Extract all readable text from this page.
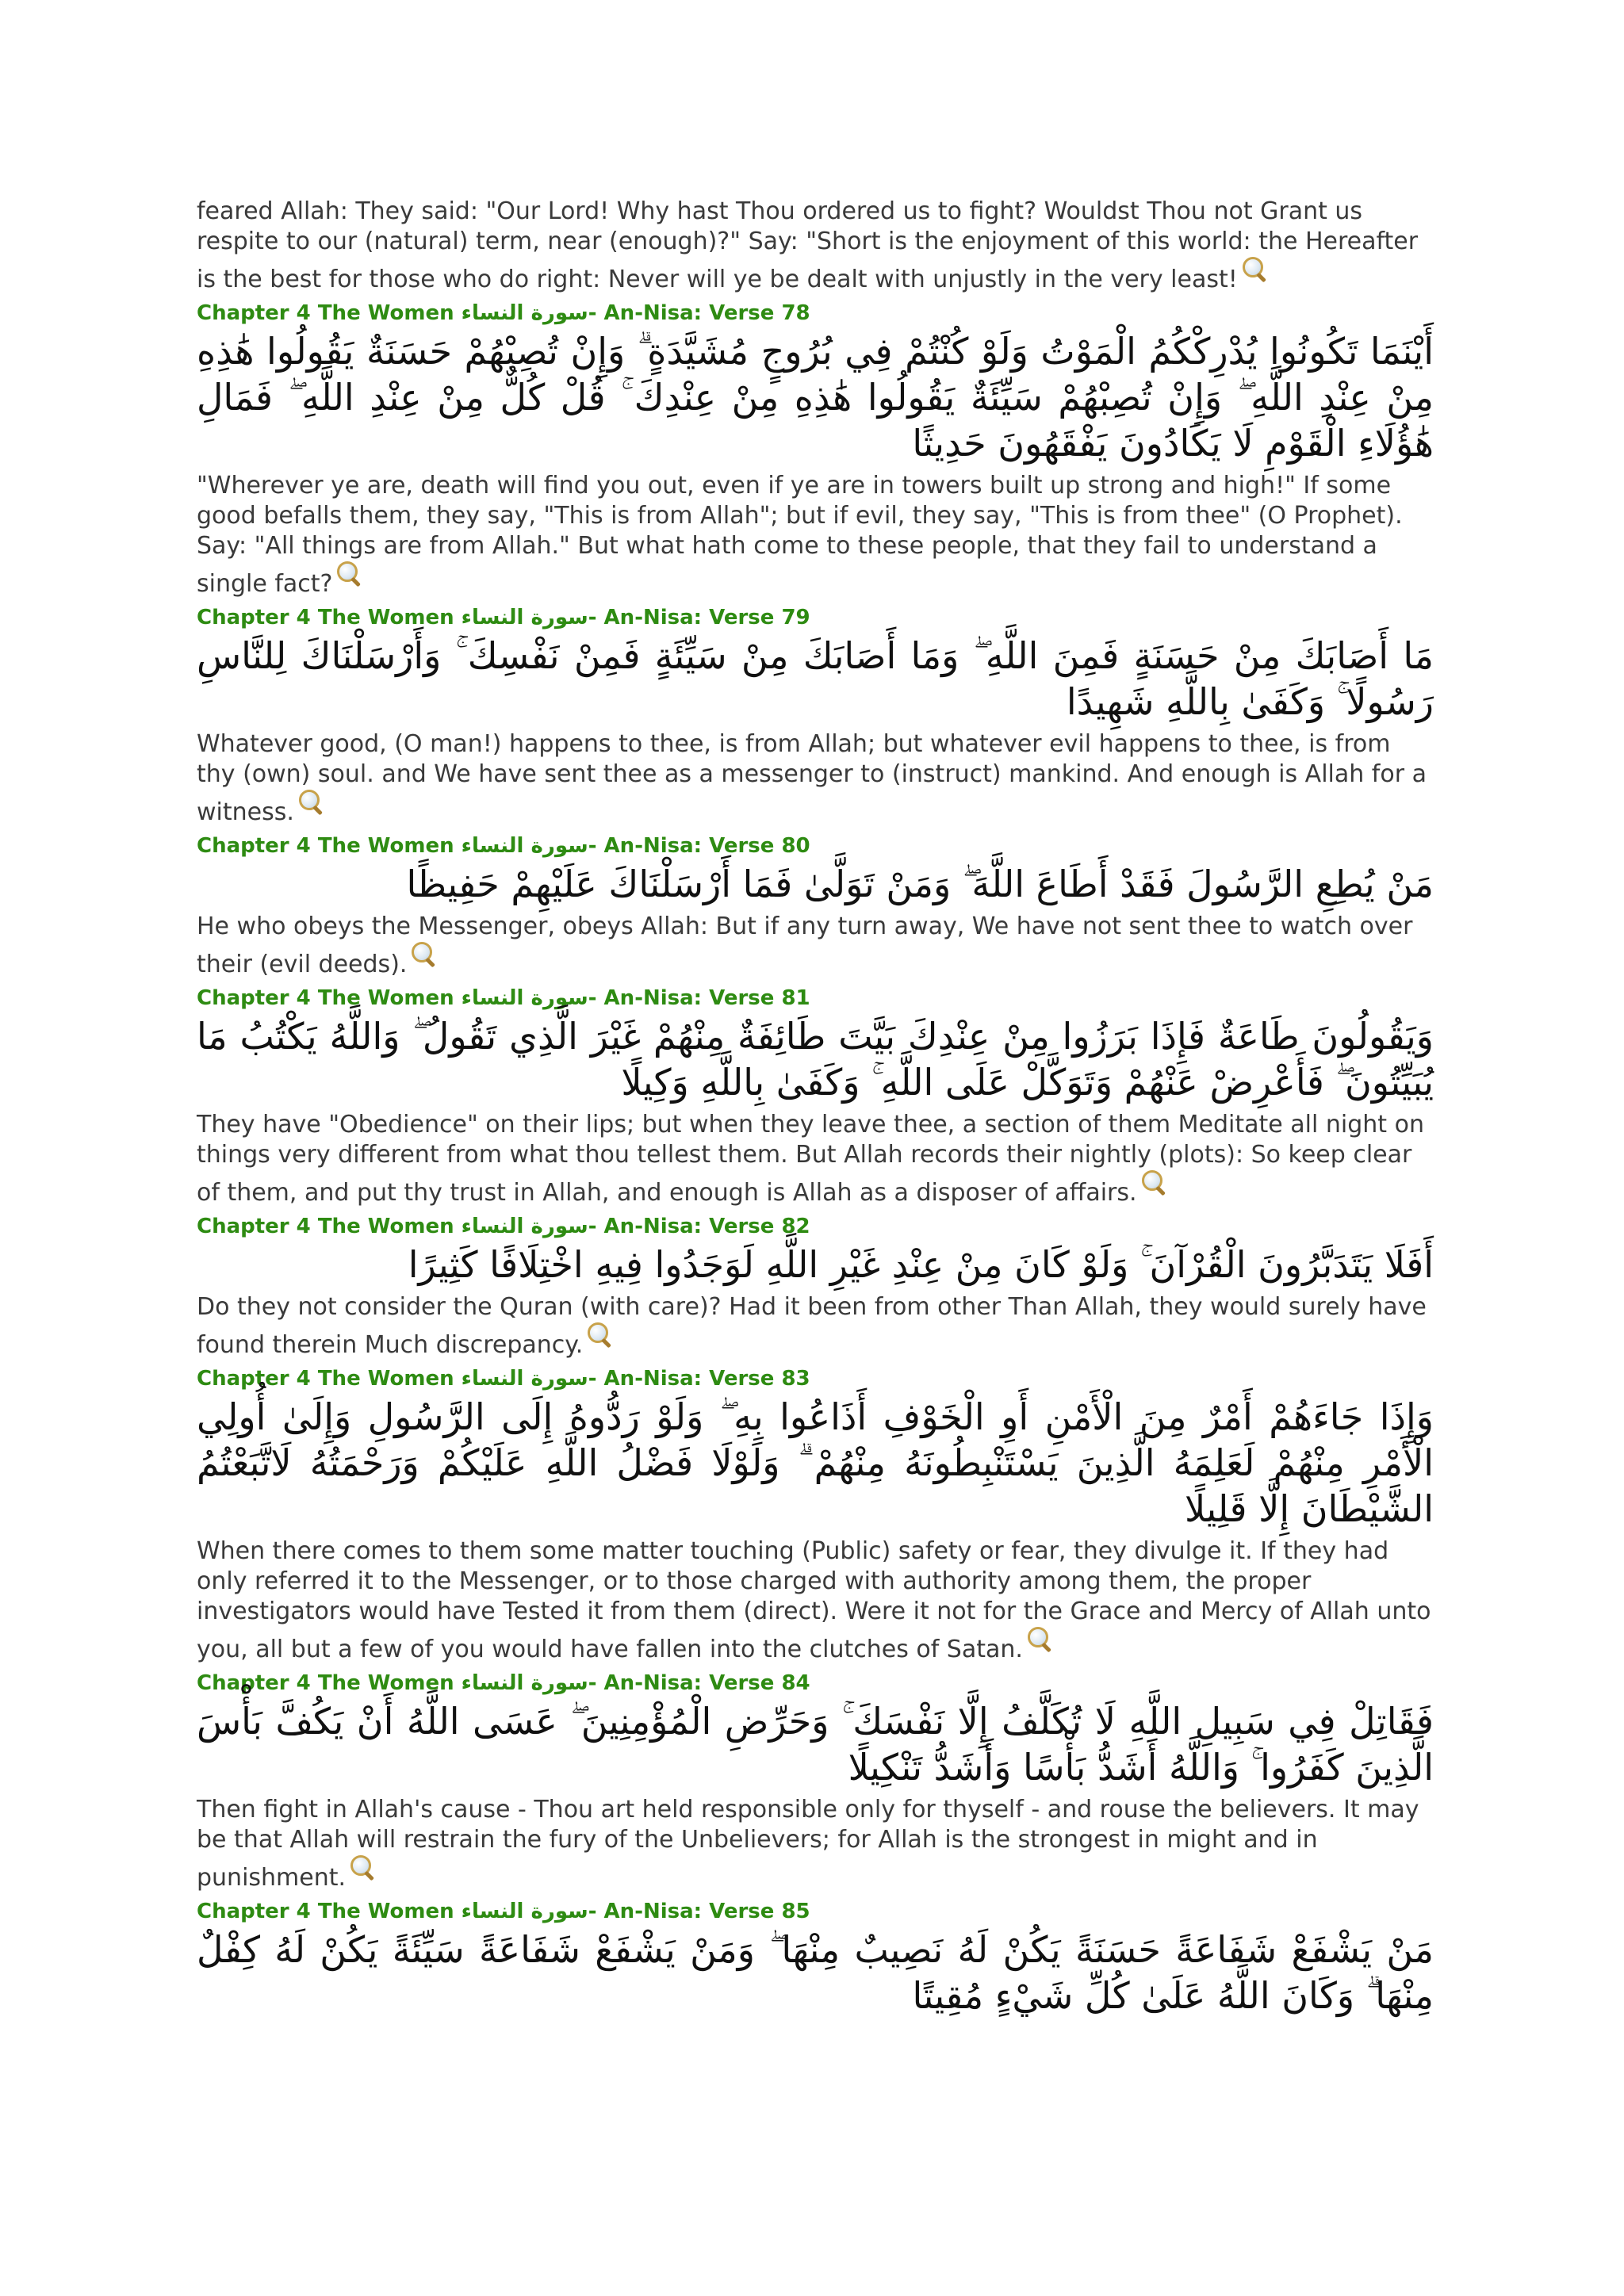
feared Allah: They said: "Our Lord! Why hast Thou ordered us to fight? Wouldst Thou not Grant us respite to our (natural) term, near (enough)?" Say: "Short is the enjoyment of this world: the Hereafter is the best for those who do right: Never will ye be dealt with unjustly in the very least!

Chapter 4 The Women سورة النساء- An-Nisa: Verse 78

أَيْنَمَا تَكُونُوا يُدْرِكْكُمُ الْمَوْتُ وَلَوْ كُنْتُمْ فِي بُرُوجٍ مُشَيَّدَةٍ ۗ وَإِنْ تُصِبْهُمْ حَسَنَةٌ يَقُولُوا هَٰذِهِ مِنْ عِنْدِ اللَّهِ ۖ وَإِنْ تُصِبْهُمْ سَيِّئَةٌ يَقُولُوا هَٰذِهِ مِنْ عِنْدِكَ ۚ قُلْ كُلٌّ مِنْ عِنْدِ اللَّهِ ۖ فَمَالِ هَٰؤُلَاءِ الْقَوْمِ لَا يَكَادُونَ يَفْقَهُونَ حَدِيثًا

"Wherever ye are, death will find you out, even if ye are in towers built up strong and high!" If some good befalls them, they say, "This is from Allah"; but if evil, they say, "This is from thee" (O Prophet). Say: "All things are from Allah." But what hath come to these people, that they fail to understand a single fact?

Chapter 4 The Women سورة النساء- An-Nisa: Verse 79

مَا أَصَابَكَ مِنْ حَسَنَةٍ فَمِنَ اللَّهِ ۖ وَمَا أَصَابَكَ مِنْ سَيِّئَةٍ فَمِنْ نَفْسِكَ ۚ وَأَرْسَلْنَاكَ لِلنَّاسِ رَسُولًا ۚ وَكَفَىٰ بِاللَّهِ شَهِيدًا

Whatever good, (O man!) happens to thee, is from Allah; but whatever evil happens to thee, is from thy (own) soul. and We have sent thee as a messenger to (instruct) mankind. And enough is Allah for a witness.

Chapter 4 The Women سورة النساء- An-Nisa: Verse 80

مَنْ يُطِعِ الرَّسُولَ فَقَدْ أَطَاعَ اللَّهَ ۖ وَمَنْ تَوَلَّىٰ فَمَا أَرْسَلْنَاكَ عَلَيْهِمْ حَفِيظًا

He who obeys the Messenger, obeys Allah: But if any turn away, We have not sent thee to watch over their (evil deeds).

Chapter 4 The Women سورة النساء- An-Nisa: Verse 81

وَيَقُولُونَ طَاعَةٌ فَإِذَا بَرَزُوا مِنْ عِنْدِكَ بَيَّتَ طَائِفَةٌ مِنْهُمْ غَيْرَ الَّذِي تَقُولُ ۖ وَاللَّهُ يَكْتُبُ مَا يُبَيِّتُونَ ۖ فَأَعْرِضْ عَنْهُمْ وَتَوَكَّلْ عَلَى اللَّهِ ۚ وَكَفَىٰ بِاللَّهِ وَكِيلًا

They have "Obedience" on their lips; but when they leave thee, a section of them Meditate all night on things very different from what thou tellest them. But Allah records their nightly (plots): So keep clear of them, and put thy trust in Allah, and enough is Allah as a disposer of affairs.

Chapter 4 The Women سورة النساء- An-Nisa: Verse 82

أَفَلَا يَتَدَبَّرُونَ الْقُرْآنَ ۚ وَلَوْ كَانَ مِنْ عِنْدِ غَيْرِ اللَّهِ لَوَجَدُوا فِيهِ اخْتِلَافًا كَثِيرًا

Do they not consider the Quran (with care)? Had it been from other Than Allah, they would surely have found therein Much discrepancy.

Chapter 4 The Women سورة النساء- An-Nisa: Verse 83

وَإِذَا جَاءَهُمْ أَمْرٌ مِنَ الْأَمْنِ أَوِ الْخَوْفِ أَذَاعُوا بِهِ ۖ وَلَوْ رَدُّوهُ إِلَى الرَّسُولِ وَإِلَىٰ أُولِي الْأَمْرِ مِنْهُمْ لَعَلِمَهُ الَّذِينَ يَسْتَنْبِطُونَهُ مِنْهُمْ ۗ وَلَوْلَا فَضْلُ اللَّهِ عَلَيْكُمْ وَرَحْمَتُهُ لَاتَّبَعْتُمُ الشَّيْطَانَ إِلَّا قَلِيلًا

When there comes to them some matter touching (Public) safety or fear, they divulge it. If they had only referred it to the Messenger, or to those charged with authority among them, the proper investigators would have Tested it from them (direct). Were it not for the Grace and Mercy of Allah unto you, all but a few of you would have fallen into the clutches of Satan.

Chapter 4 The Women سورة النساء- An-Nisa: Verse 84

فَقَاتِلْ فِي سَبِيلِ اللَّهِ لَا تُكَلَّفُ إِلَّا نَفْسَكَ ۚ وَحَرِّضِ الْمُؤْمِنِينَ ۖ عَسَى اللَّهُ أَنْ يَكُفَّ بَأْسَ الَّذِينَ كَفَرُوا ۚ وَاللَّهُ أَشَدُّ بَأْسًا وَأَشَدُّ تَنْكِيلًا

Then fight in Allah's cause - Thou art held responsible only for thyself - and rouse the believers. It may be that Allah will restrain the fury of the Unbelievers; for Allah is the strongest in might and in punishment.

Chapter 4 The Women سورة النساء- An-Nisa: Verse 85

مَنْ يَشْفَعْ شَفَاعَةً حَسَنَةً يَكُنْ لَهُ نَصِيبٌ مِنْهَا ۖ وَمَنْ يَشْفَعْ شَفَاعَةً سَيِّئَةً يَكُنْ لَهُ كِفْلٌ مِنْهَا ۗ وَكَانَ اللَّهُ عَلَىٰ كُلِّ شَيْءٍ مُقِيتًا
